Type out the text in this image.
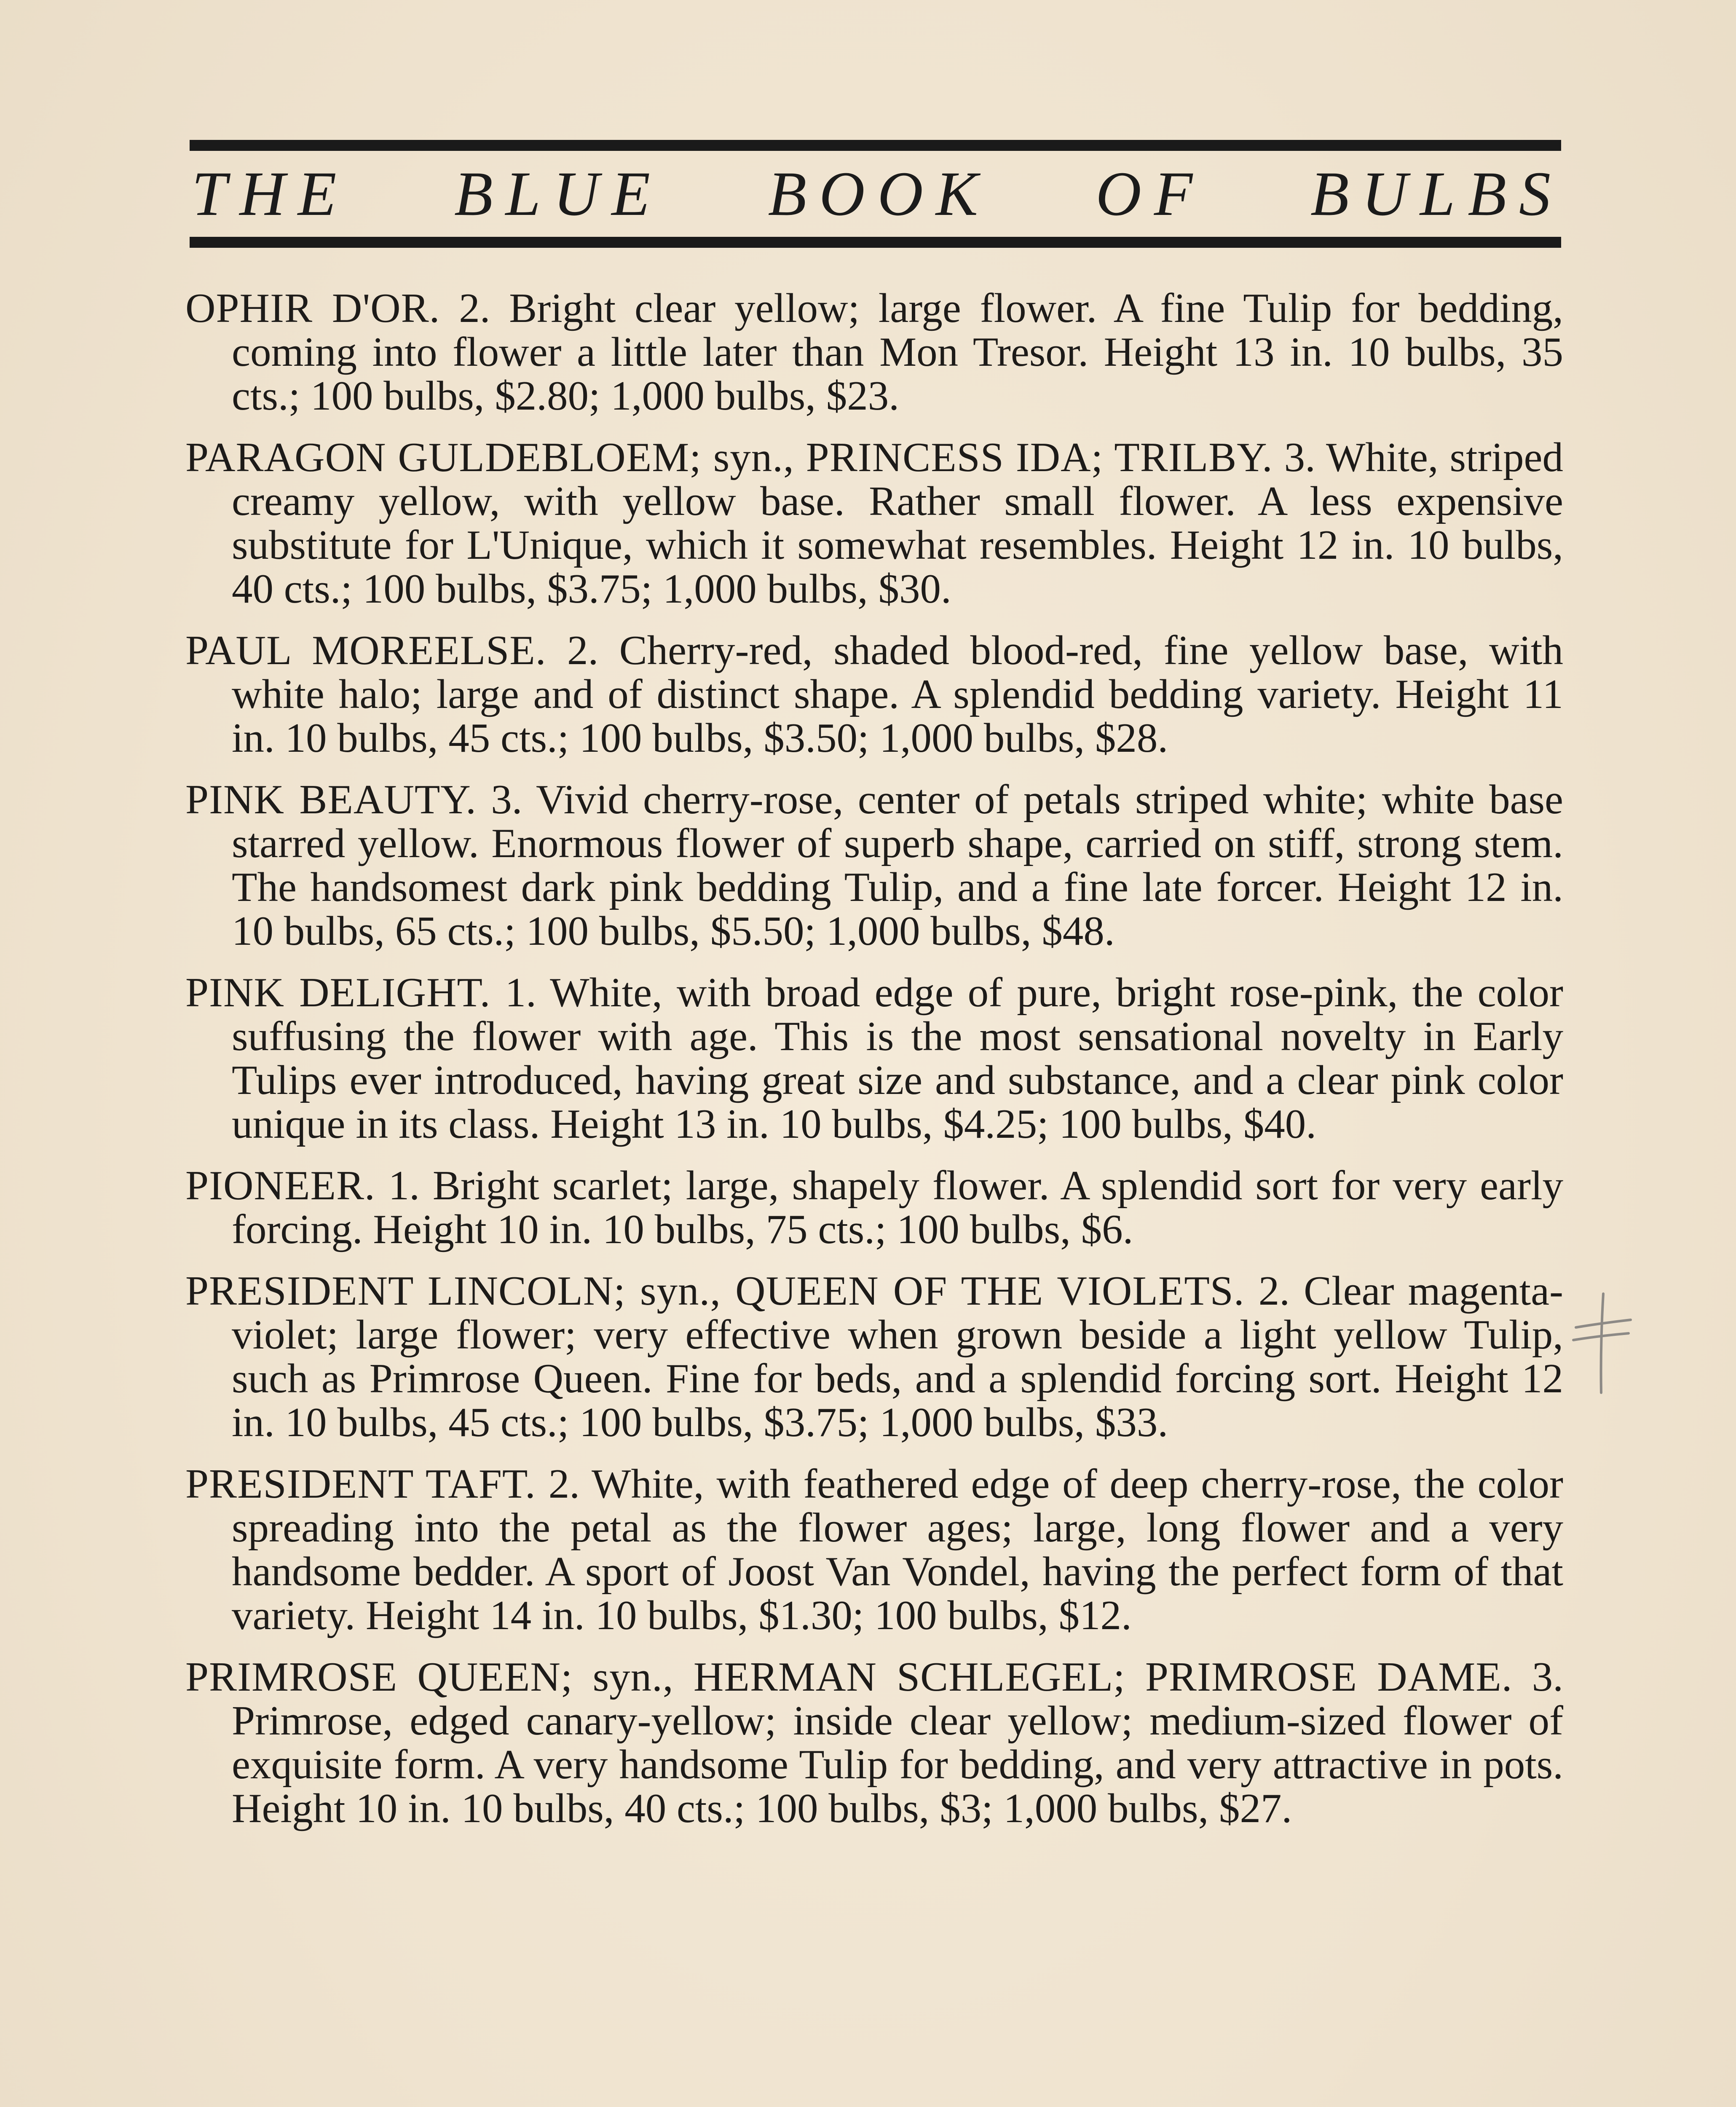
THE BLUE BOOK OF BULBS

OPHIR D'OR. 2. Bright clear yellow; large flower. A fine Tulip for bedding, coming into flower a little later than Mon Tresor. Height 13 in. 10 bulbs, 35 cts.; 100 bulbs, $2.80; 1,000 bulbs, $23.

PARAGON GULDEBLOEM; syn., PRINCESS IDA; TRILBY. 3. White, striped creamy yellow, with yellow base. Rather small flower. A less expensive substitute for L'Unique, which it somewhat resembles. Height 12 in. 10 bulbs, 40 cts.; 100 bulbs, $3.75; 1,000 bulbs, $30.

PAUL MOREELSE. 2. Cherry-red, shaded blood-red, fine yellow base, with white halo; large and of distinct shape. A splendid bedding variety. Height 11 in. 10 bulbs, 45 cts.; 100 bulbs, $3.50; 1,000 bulbs, $28.

PINK BEAUTY. 3. Vivid cherry-rose, center of petals striped white; white base starred yellow. Enormous flower of superb shape, carried on stiff, strong stem. The handsomest dark pink bedding Tulip, and a fine late forcer. Height 12 in. 10 bulbs, 65 cts.; 100 bulbs, $5.50; 1,000 bulbs, $48.

PINK DELIGHT. 1. White, with broad edge of pure, bright rose-pink, the color suffusing the flower with age. This is the most sensational novelty in Early Tulips ever introduced, having great size and substance, and a clear pink color unique in its class. Height 13 in. 10 bulbs, $4.25; 100 bulbs, $40.

PIONEER. 1. Bright scarlet; large, shapely flower. A splendid sort for very early forcing. Height 10 in. 10 bulbs, 75 cts.; 100 bulbs, $6.

PRESIDENT LINCOLN; syn., QUEEN OF THE VIOLETS. 2. Clear magenta-violet; large flower; very effective when grown beside a light yellow Tulip, such as Primrose Queen. Fine for beds, and a splendid forcing sort. Height 12 in. 10 bulbs, 45 cts.; 100 bulbs, $3.75; 1,000 bulbs, $33.

PRESIDENT TAFT. 2. White, with feathered edge of deep cherry-rose, the color spreading into the petal as the flower ages; large, long flower and a very handsome bedder. A sport of Joost Van Vondel, having the perfect form of that variety. Height 14 in. 10 bulbs, $1.30; 100 bulbs, $12.

PRIMROSE QUEEN; syn., HERMAN SCHLEGEL; PRIMROSE DAME. 3. Primrose, edged canary-yellow; inside clear yellow; medium-sized flower of exquisite form. A very handsome Tulip for bedding, and very attractive in pots. Height 10 in. 10 bulbs, 40 cts.; 100 bulbs, $3; 1,000 bulbs, $27.
